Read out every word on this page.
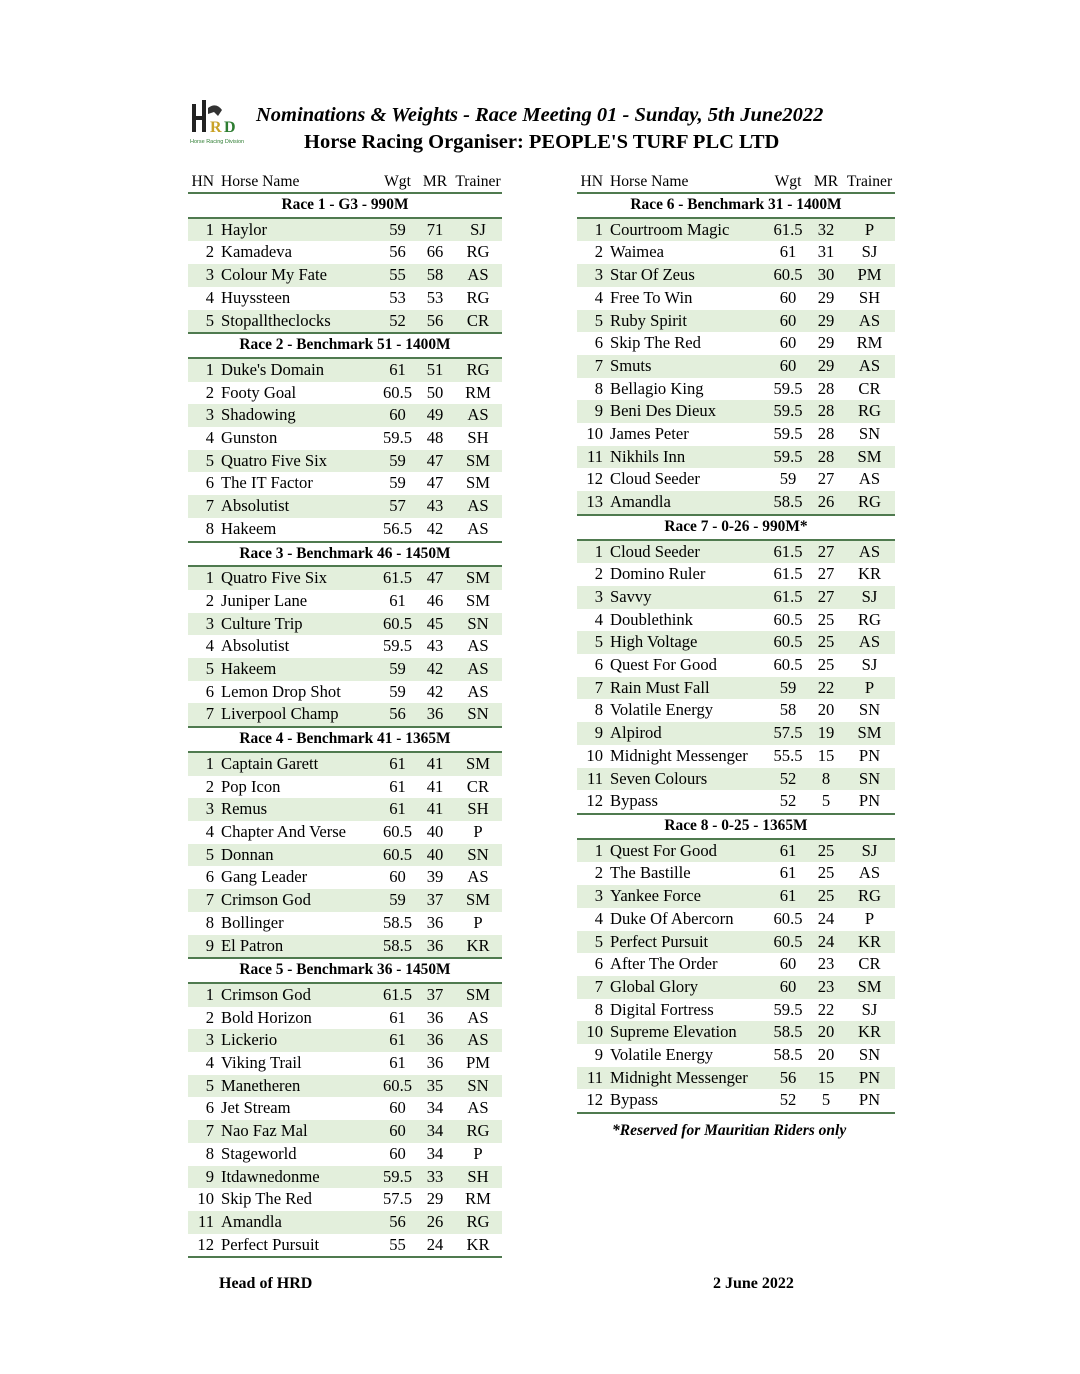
R D
Horse Racing Division
Nominations & Weights - Race Meeting 01 - Sunday, 5th June2022
Horse Racing Organiser: PEOPLE'S TURF PLC LTD
HN	Horse Name	Wgt	MR	Trainer
Race 1 - G3 - 990M				
1	Haylor	59	71	SJ
2	Kamadeva	56	66	RG
3	Colour My Fate	55	58	AS
4	Huyssteen	53	53	RG
5	Stopalltheclocks	52	56	CR
Race 2 - Benchmark 51 - 1400M				
1	Duke's Domain	61	51	RG
2	Footy Goal	60.5	50	RM
3	Shadowing	60	49	AS
4	Gunston	59.5	48	SH
5	Quatro Five Six	59	47	SM
6	The IT Factor	59	47	SM
7	Absolutist	57	43	AS
8	Hakeem	56.5	42	AS
Race 3 - Benchmark 46 - 1450M				
1	Quatro Five Six	61.5	47	SM
2	Juniper Lane	61	46	SM
3	Culture Trip	60.5	45	SN
4	Absolutist	59.5	43	AS
5	Hakeem	59	42	AS
6	Lemon Drop Shot	59	42	AS
7	Liverpool Champ	56	36	SN
Race 4 - Benchmark 41 - 1365M				
1	Captain Garett	61	41	SM
2	Pop Icon	61	41	CR
3	Remus	61	41	SH
4	Chapter And Verse	60.5	40	P
5	Donnan	60.5	40	SN
6	Gang Leader	60	39	AS
7	Crimson God	59	37	SM
8	Bollinger	58.5	36	P
9	El Patron	58.5	36	KR
Race 5 - Benchmark 36 - 1450M				
1	Crimson God	61.5	37	SM
2	Bold Horizon	61	36	AS
3	Lickerio	61	36	AS
4	Viking Trail	61	36	PM
5	Manetheren	60.5	35	SN
6	Jet Stream	60	34	AS
7	Nao Faz Mal	60	34	RG
8	Stageworld	60	34	P
9	Itdawnedonme	59.5	33	SH
10	Skip The Red	57.5	29	RM
11	Amandla	56	26	RG
12	Perfect Pursuit	55	24	KR
HN	Horse Name	Wgt	MR	Trainer
Race 6 - Benchmark 31 - 1400M				
1	Courtroom Magic	61.5	32	P
2	Waimea	61	31	SJ
3	Star Of Zeus	60.5	30	PM
4	Free To Win	60	29	SH
5	Ruby Spirit	60	29	AS
6	Skip The Red	60	29	RM
7	Smuts	60	29	AS
8	Bellagio King	59.5	28	CR
9	Beni Des Dieux	59.5	28	RG
10	James Peter	59.5	28	SN
11	Nikhils Inn	59.5	28	SM
12	Cloud Seeder	59	27	AS
13	Amandla	58.5	26	RG
Race 7 - 0-26 - 990M*				
1	Cloud Seeder	61.5	27	AS
2	Domino Ruler	61.5	27	KR
3	Savvy	61.5	27	SJ
4	Doublethink	60.5	25	RG
5	High Voltage	60.5	25	AS
6	Quest For Good	60.5	25	SJ
7	Rain Must Fall	59	22	P
8	Volatile Energy	58	20	SN
9	Alpirod	57.5	19	SM
10	Midnight Messenger	55.5	15	PN
11	Seven Colours	52	8	SN
12	Bypass	52	5	PN
Race 8 - 0-25 - 1365M				
1	Quest For Good	61	25	SJ
2	The Bastille	61	25	AS
3	Yankee Force	61	25	RG
4	Duke Of Abercorn	60.5	24	P
5	Perfect Pursuit	60.5	24	KR
6	After The Order	60	23	CR
7	Global Glory	60	23	SM
8	Digital Fortress	59.5	22	SJ
10	Supreme Elevation	58.5	20	KR
9	Volatile Energy	58.5	20	SN
11	Midnight Messenger	56	15	PN
12	Bypass	52	5	PN
*Reserved for Mauritian Riders only
Head of HRD	2 June 2022
